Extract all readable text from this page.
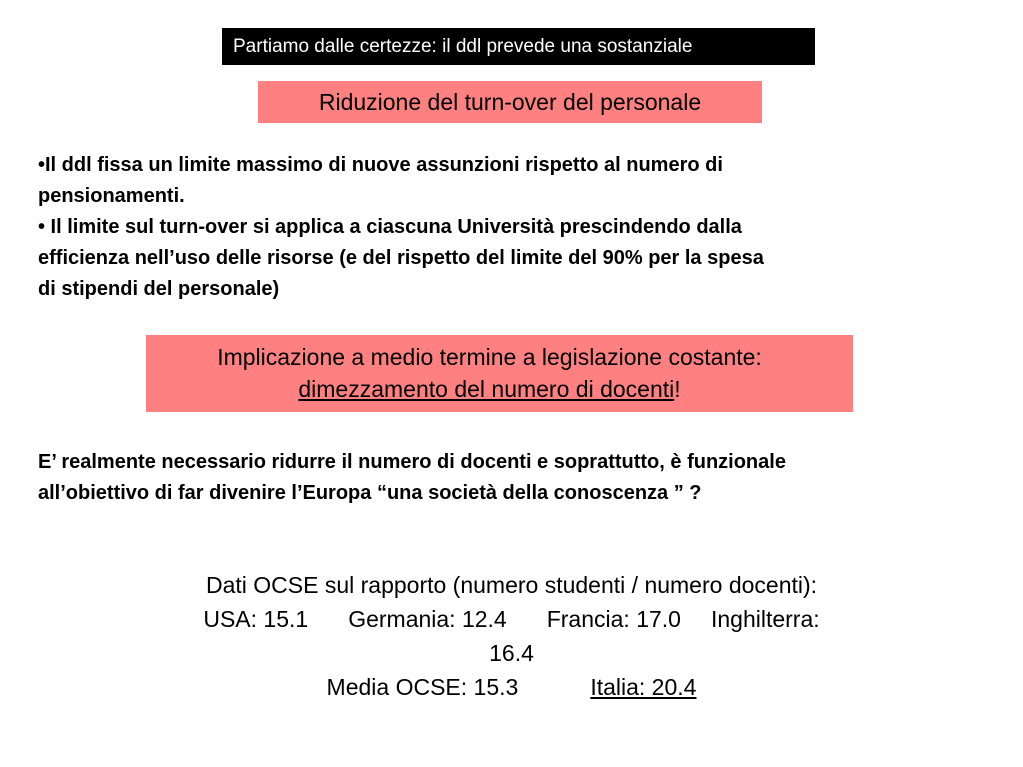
Partiamo dalle certezze: il ddl prevede una sostanziale
Riduzione del turn-over del personale

•Il ddl fissa un limite massimo di nuove assunzioni rispetto al numero di

pensionamenti.

• Il limite sul turn-over si applica a ciascuna Università prescindendo dalla

efficienza nell’uso delle risorse (e del rispetto del limite del 90% per la spesa

di stipendi del personale)

Implicazione a medio termine a legislazione costante:
dimezzamento del numero di docenti!

E’ realmente necessario ridurre il numero di docenti e soprattutto, è funzionale

all’obiettivo di far divenire l’Europa “una società della conoscenza ” ?

Dati OCSE sul rapporto (numero studenti / numero docenti):
USA: 15.1 Germania: 12.4 Francia: 17.0 Inghilterra:
16.4
Media OCSE: 15.3	Italia: 20.4
